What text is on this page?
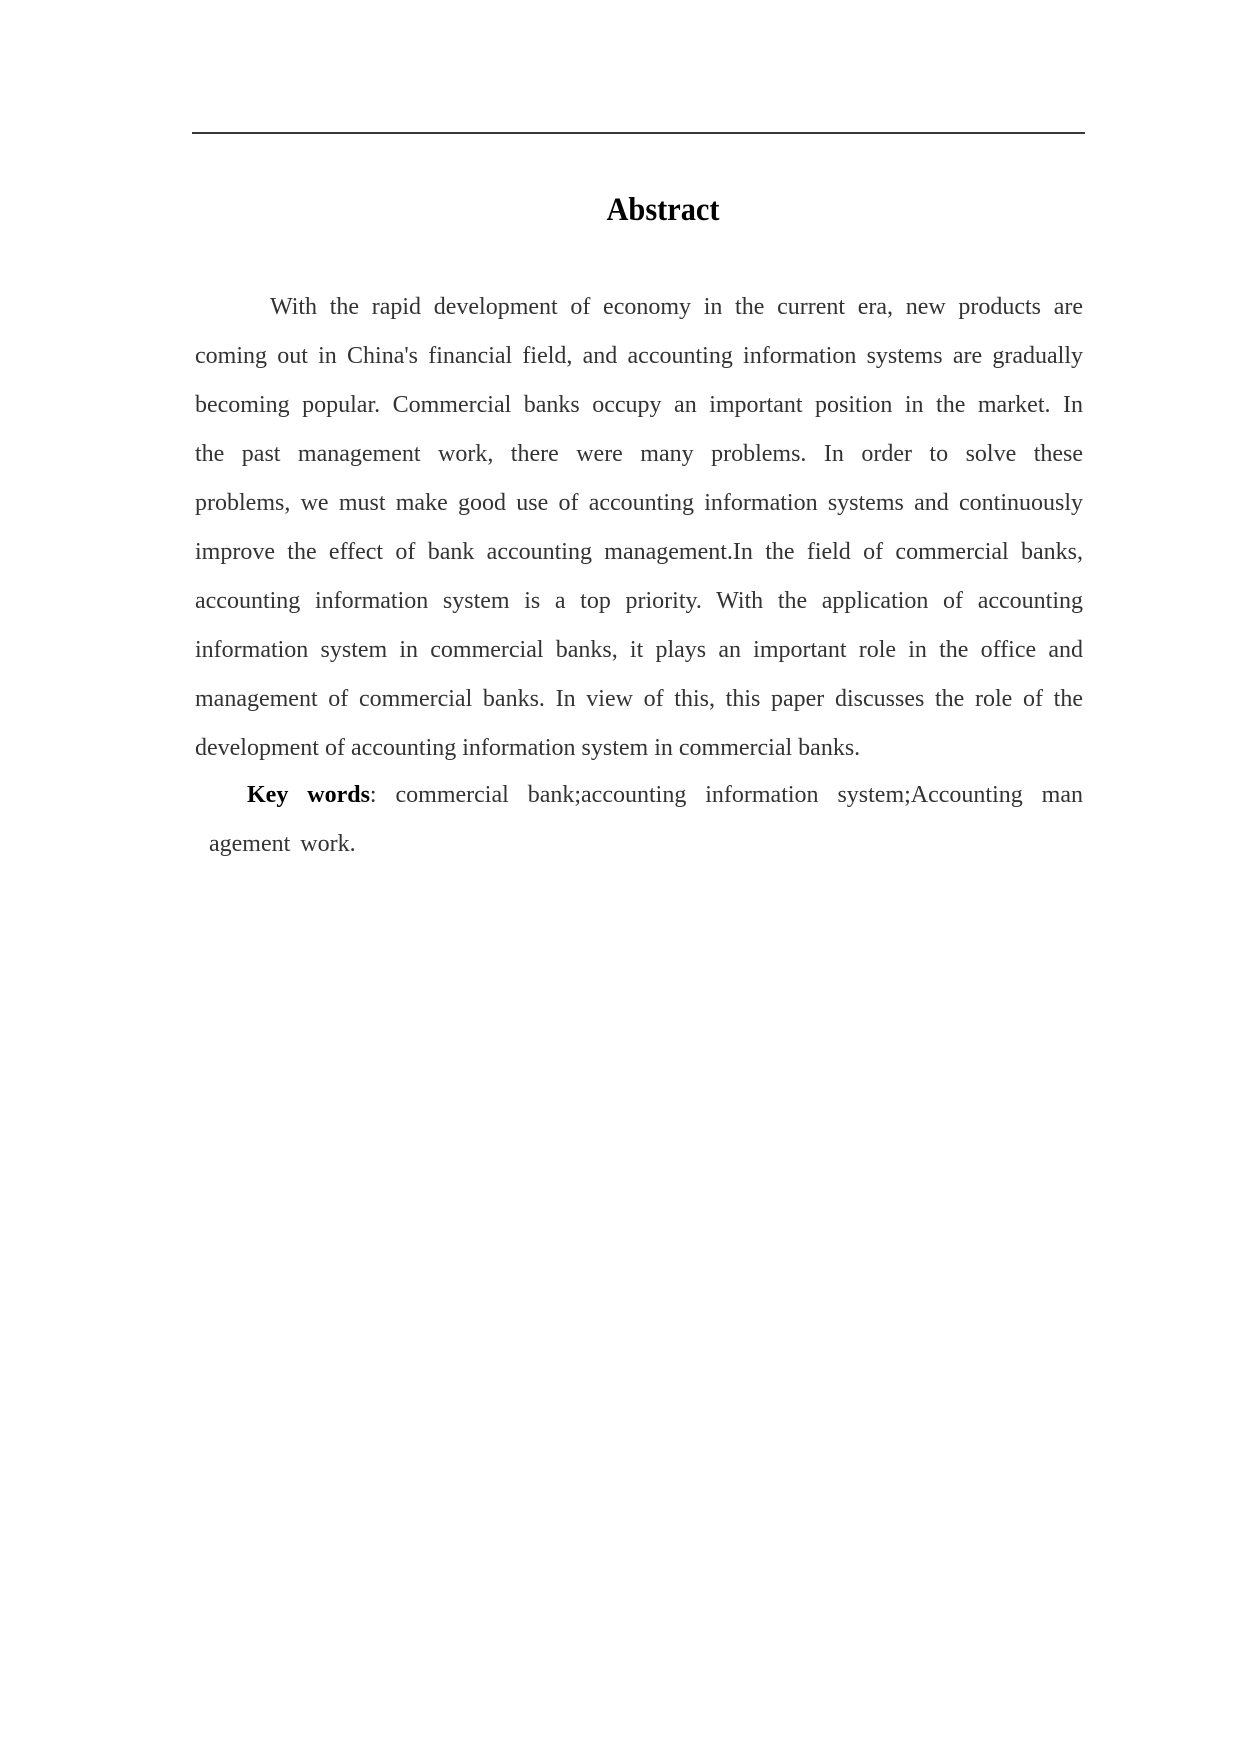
Abstract
With the rapid development of economy in the current era, new products are
coming out in China's financial field, and accounting information systems are gradually
becoming popular. Commercial banks occupy an important position in the market. In
the past management work, there were many problems. In order to solve these
problems, we must make good use of accounting information systems and continuously
improve the effect of bank accounting management.In the field of commercial banks,
accounting information system is a top priority. With the application of accounting
information system in commercial banks, it plays an important role in the office and
management of commercial banks. In view of this, this paper discusses the role of the
development of accounting information system in commercial banks.
Key words: commercial bank;accounting information system;Accounting man
agement work.
